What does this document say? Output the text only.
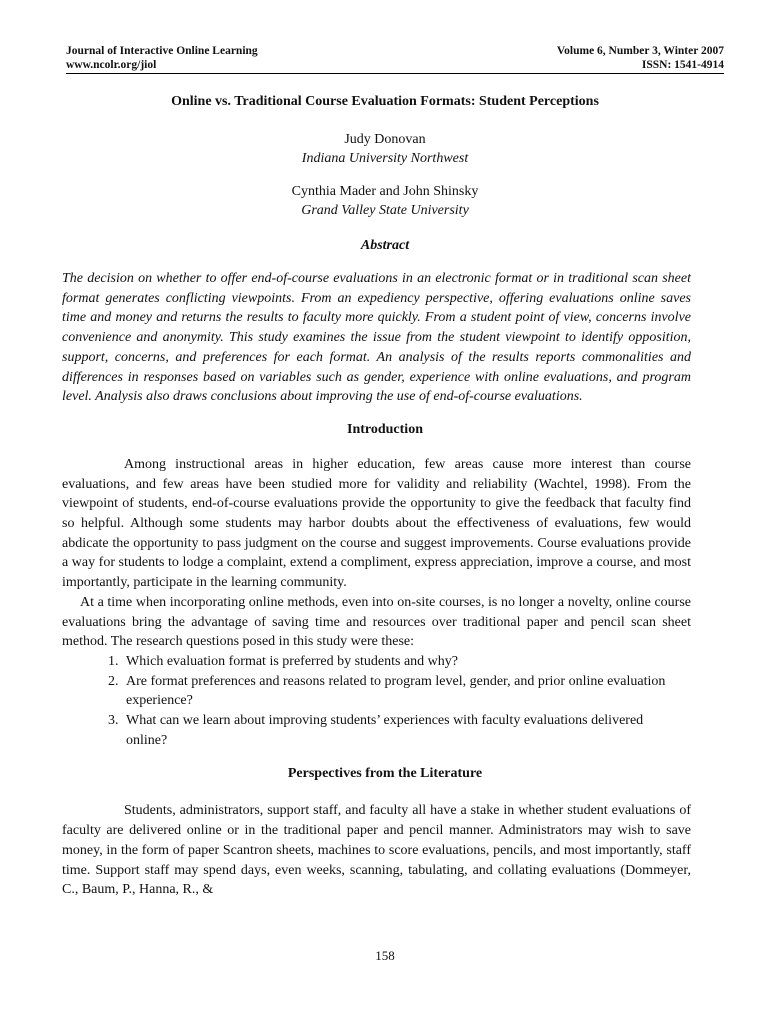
Journal of Interactive Online Learning	Volume 6, Number 3, Winter 2007
www.ncolr.org/jiol	ISSN: 1541-4914
Online vs. Traditional Course Evaluation Formats: Student Perceptions
Judy Donovan
Indiana University Northwest
Cynthia Mader and John Shinsky
Grand Valley State University
Abstract
The decision on whether to offer end-of-course evaluations in an electronic format or in traditional scan sheet format generates conflicting viewpoints. From an expediency perspective, offering evaluations online saves time and money and returns the results to faculty more quickly. From a student point of view, concerns involve convenience and anonymity. This study examines the issue from the student viewpoint to identify opposition, support, concerns, and preferences for each format. An analysis of the results reports commonalities and differences in responses based on variables such as gender, experience with online evaluations, and program level. Analysis also draws conclusions about improving the use of end-of-course evaluations.
Introduction
Among instructional areas in higher education, few areas cause more interest than course evaluations, and few areas have been studied more for validity and reliability (Wachtel, 1998). From the viewpoint of students, end-of-course evaluations provide the opportunity to give the feedback that faculty find so helpful. Although some students may harbor doubts about the effectiveness of evaluations, few would abdicate the opportunity to pass judgment on the course and suggest improvements. Course evaluations provide a way for students to lodge a complaint, extend a compliment, express appreciation, improve a course, and most importantly, participate in the learning community.
At a time when incorporating online methods, even into on-site courses, is no longer a novelty, online course evaluations bring the advantage of saving time and resources over traditional paper and pencil scan sheet method. The research questions posed in this study were these:
1. Which evaluation format is preferred by students and why?
2. Are format preferences and reasons related to program level, gender, and prior online evaluation experience?
3. What can we learn about improving students’ experiences with faculty evaluations delivered online?
Perspectives from the Literature
Students, administrators, support staff, and faculty all have a stake in whether student evaluations of faculty are delivered online or in the traditional paper and pencil manner. Administrators may wish to save money, in the form of paper Scantron sheets, machines to score evaluations, pencils, and most importantly, staff time. Support staff may spend days, even weeks, scanning, tabulating, and collating evaluations (Dommeyer, C., Baum, P., Hanna, R., &
158
